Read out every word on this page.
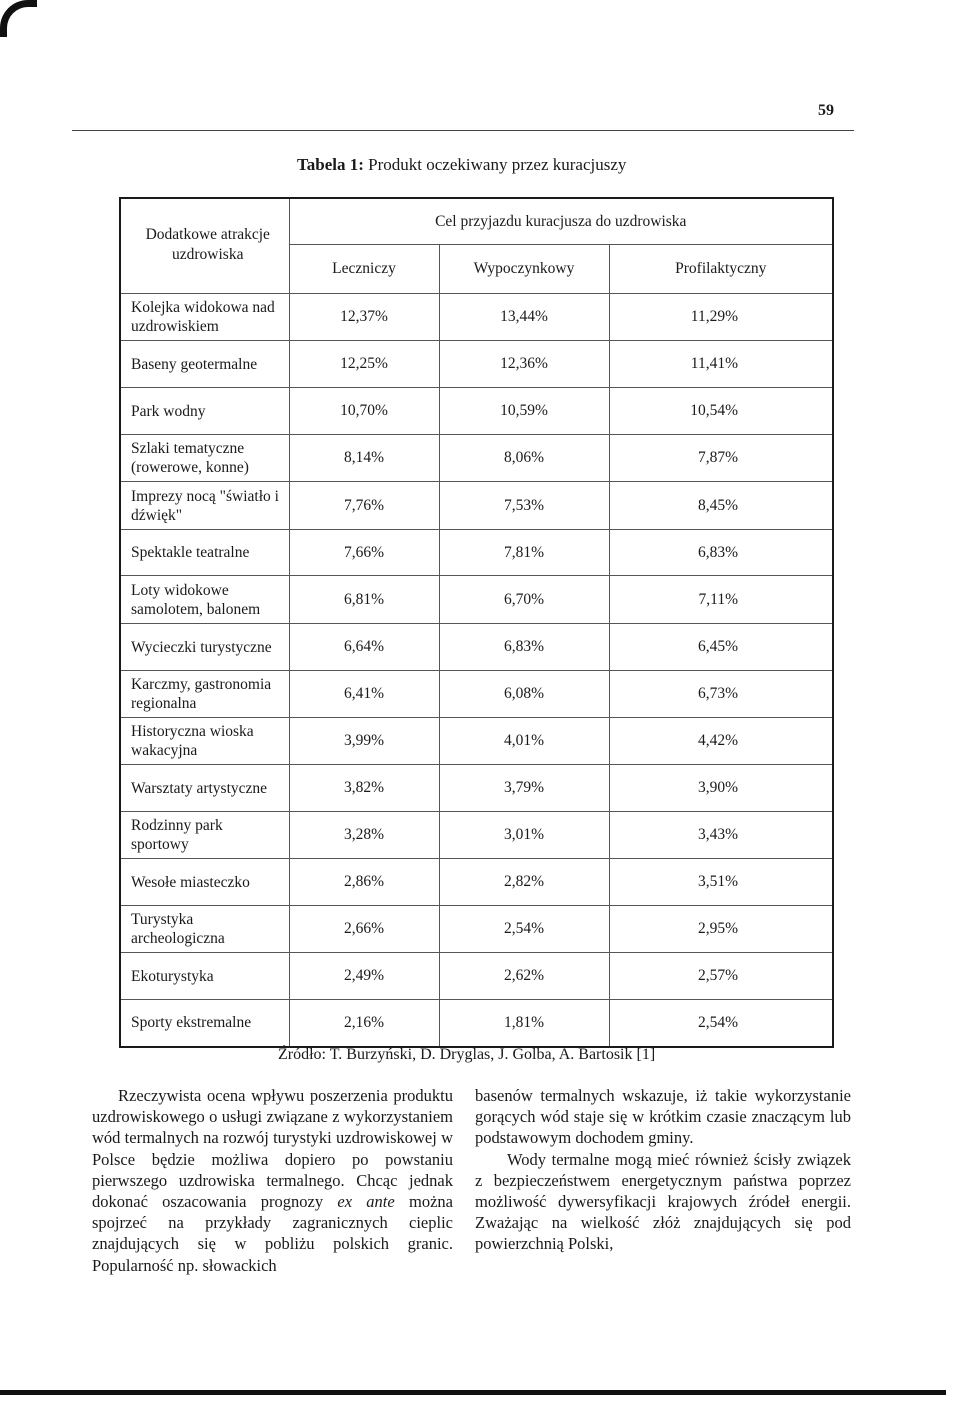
59
Tabela 1: Produkt oczekiwany przez kuracjuszy
Dodatkowe atrakcje uzdrowiska	Cel przyjazdu kuracjusza do uzdrowiska		
	Leczniczy	Wypoczynkowy	Profilaktyczny
Kolejka widokowa nad uzdrowiskiem	12,37%	13,44%	11,29%
Baseny geotermalne	12,25%	12,36%	11,41%
Park wodny	10,70%	10,59%	10,54%
Szlaki tematyczne (rowerowe, konne)	8,14%	8,06%	7,87%
Imprezy nocą "światło i dźwięk"	7,76%	7,53%	8,45%
Spektakle teatralne	7,66%	7,81%	6,83%
Loty widokowe samolotem, balonem	6,81%	6,70%	7,11%
Wycieczki turystyczne	6,64%	6,83%	6,45%
Karczmy, gastronomia regionalna	6,41%	6,08%	6,73%
Historyczna wioska wakacyjna	3,99%	4,01%	4,42%
Warsztaty artystyczne	3,82%	3,79%	3,90%
Rodzinny park sportowy	3,28%	3,01%	3,43%
Wesołe miasteczko	2,86%	2,82%	3,51%
Turystyka archeologiczna	2,66%	2,54%	2,95%
Ekoturystyka	2,49%	2,62%	2,57%
Sporty ekstremalne	2,16%	1,81%	2,54%
Źródło: T. Burzyński, D. Dryglas, J. Golba, A. Bartosik [1]

Rzeczywista ocena wpływu poszerzenia produktu uzdrowiskowego o usługi związane z wykorzystaniem wód termalnych na rozwój turystyki uzdrowiskowej w Polsce będzie możliwa dopiero po powstaniu pierwszego uzdrowiska termalnego. Chcąc jednak dokonać oszacowania prognozy ex ante można spojrzeć na przykłady zagranicznych cieplic znajdujących się w pobliżu polskich granic. Popularność np. słowackich

basenów termalnych wskazuje, iż takie wykorzystanie gorących wód staje się w krótkim czasie znaczącym lub podstawowym dochodem gminy.

Wody termalne mogą mieć również ścisły związek z bezpieczeństwem energetycznym państwa poprzez możliwość dywersyfikacji krajowych źródeł energii. Zważając na wielkość złóż znajdujących się pod powierzchnią Polski,
